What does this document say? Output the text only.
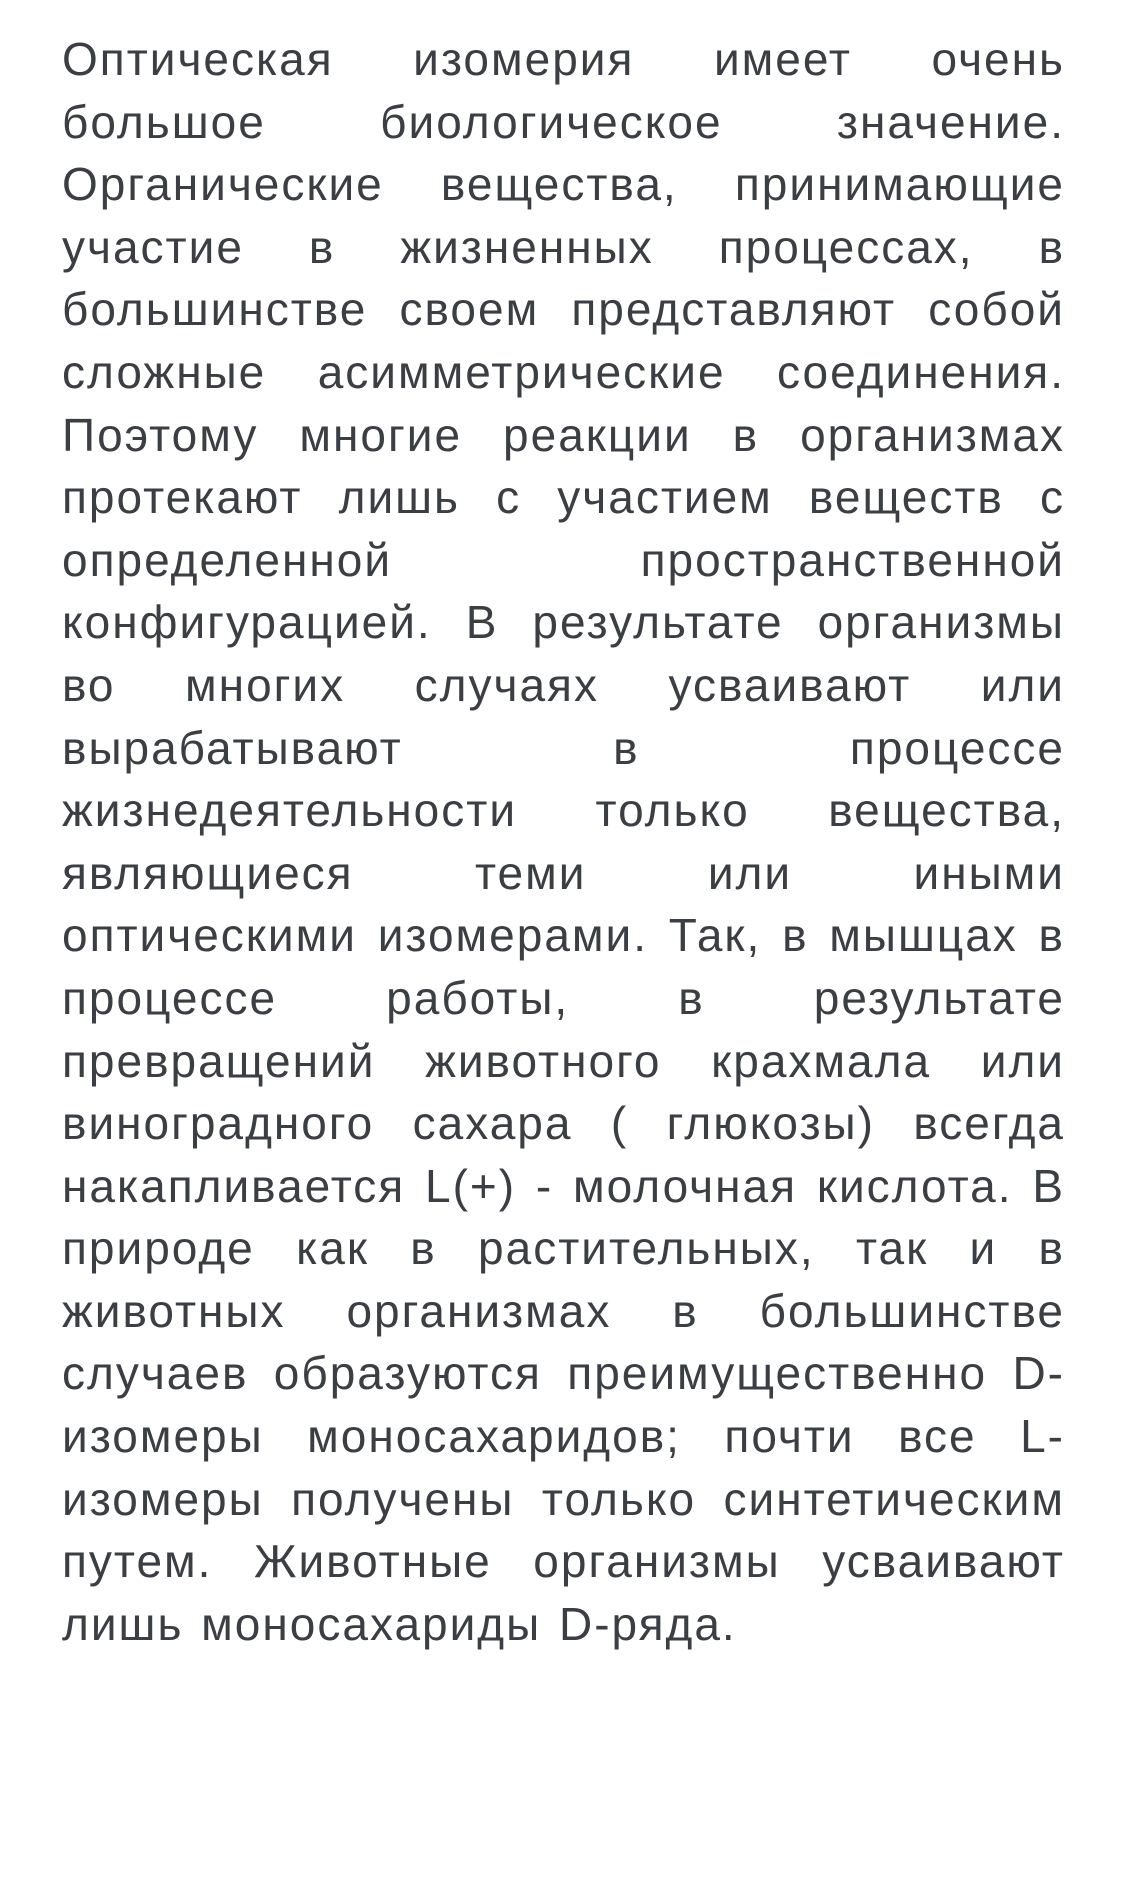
Оптическая изомерия имеет очень большое биологическое значение. Органические вещества, принимающие участие в жизненных процессах, в большинстве своем представляют собой сложные асимметрические соединения. Поэтому многие реакции в организмах протекают лишь с участием веществ с определенной пространственной конфигурацией. В результате организмы во многих случаях усваивают или вырабатывают в процессе жизнедеятельности только вещества, являющиеся теми или иными оптическими изомерами. Так, в мышцах в процессе работы, в результате превращений животного крахмала или виноградного сахара ( глюкозы) всегда накапливается L(+) - молочная кислота. В природе как в растительных, так и в животных организмах в большинстве случаев образуются преимущественно D-изомеры моносахаридов; почти все L-изомеры получены только синтетическим путем. Животные организмы усваивают лишь моносахариды D-ряда.
